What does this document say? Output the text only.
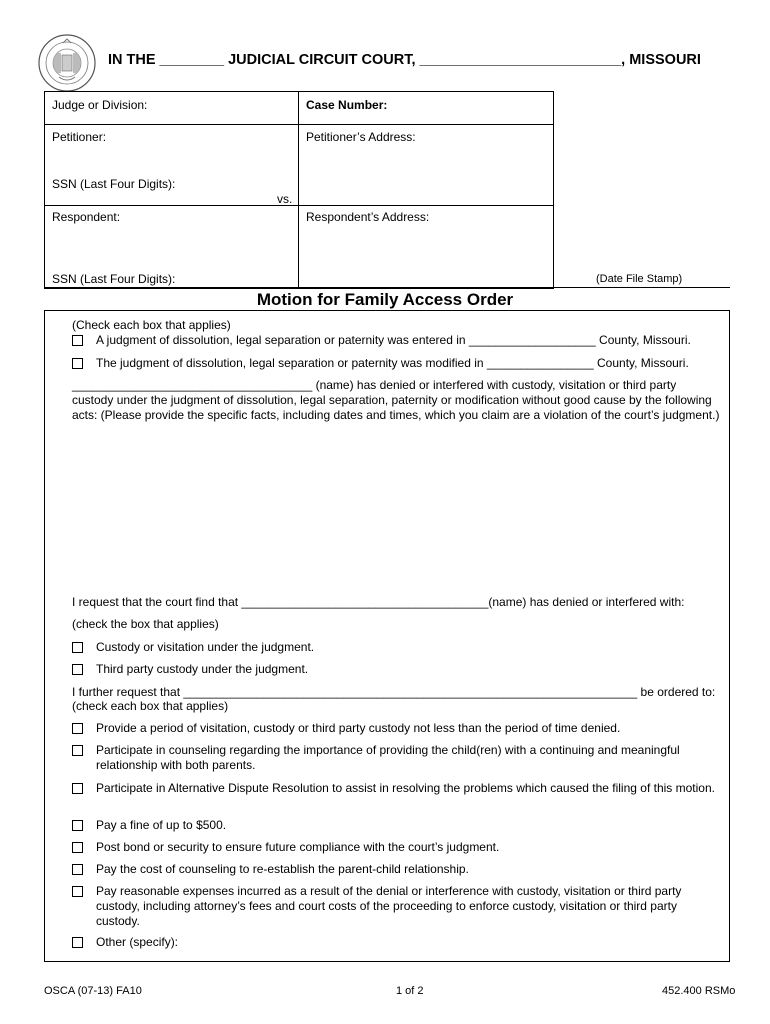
IN THE ________ JUDICIAL CIRCUIT COURT, _________________________, MISSOURI
Judge or Division:	Case Number:
Petitioner:	Petitioner’s Address:
SSN (Last Four Digits):
vs.
Respondent:	Respondent’s Address:
SSN (Last Four Digits):	(Date File Stamp)
Motion for Family Access Order
(Check each box that applies)
A judgment of dissolution, legal separation or paternity was entered in ___________________ County, Missouri.
The judgment of dissolution, legal separation or paternity was modified in ________________ County, Missouri.
____________________________________ (name) has denied or interfered with custody, visitation or third party custody under the judgment of dissolution, legal separation, paternity or modification without good cause by the following acts: (Please provide the specific facts, including dates and times, which you claim are a violation of the court’s judgment.)
I request that the court find that _____________________________________(name) has denied or interfered with:
(check the box that applies)
Custody or visitation under the judgment.
Third party custody under the judgment.
I further request that ____________________________________________________________________ be ordered to:
(check each box that applies)
Provide a period of visitation, custody or third party custody not less than the period of time denied.
Participate in counseling regarding the importance of providing the child(ren) with a continuing and meaningful relationship with both parents.
Participate in Alternative Dispute Resolution to assist in resolving the problems which caused the filing of this motion.
Pay a fine of up to $500.
Post bond or security to ensure future compliance with the court’s judgment.
Pay the cost of counseling to re-establish the parent-child relationship.
Pay reasonable expenses incurred as a result of the denial or interference with custody, visitation or third party custody, including attorney’s fees and court costs of the proceeding to enforce custody, visitation or third party custody.
Other (specify):
OSCA (07-13) FA10	1 of 2	452.400 RSMo
